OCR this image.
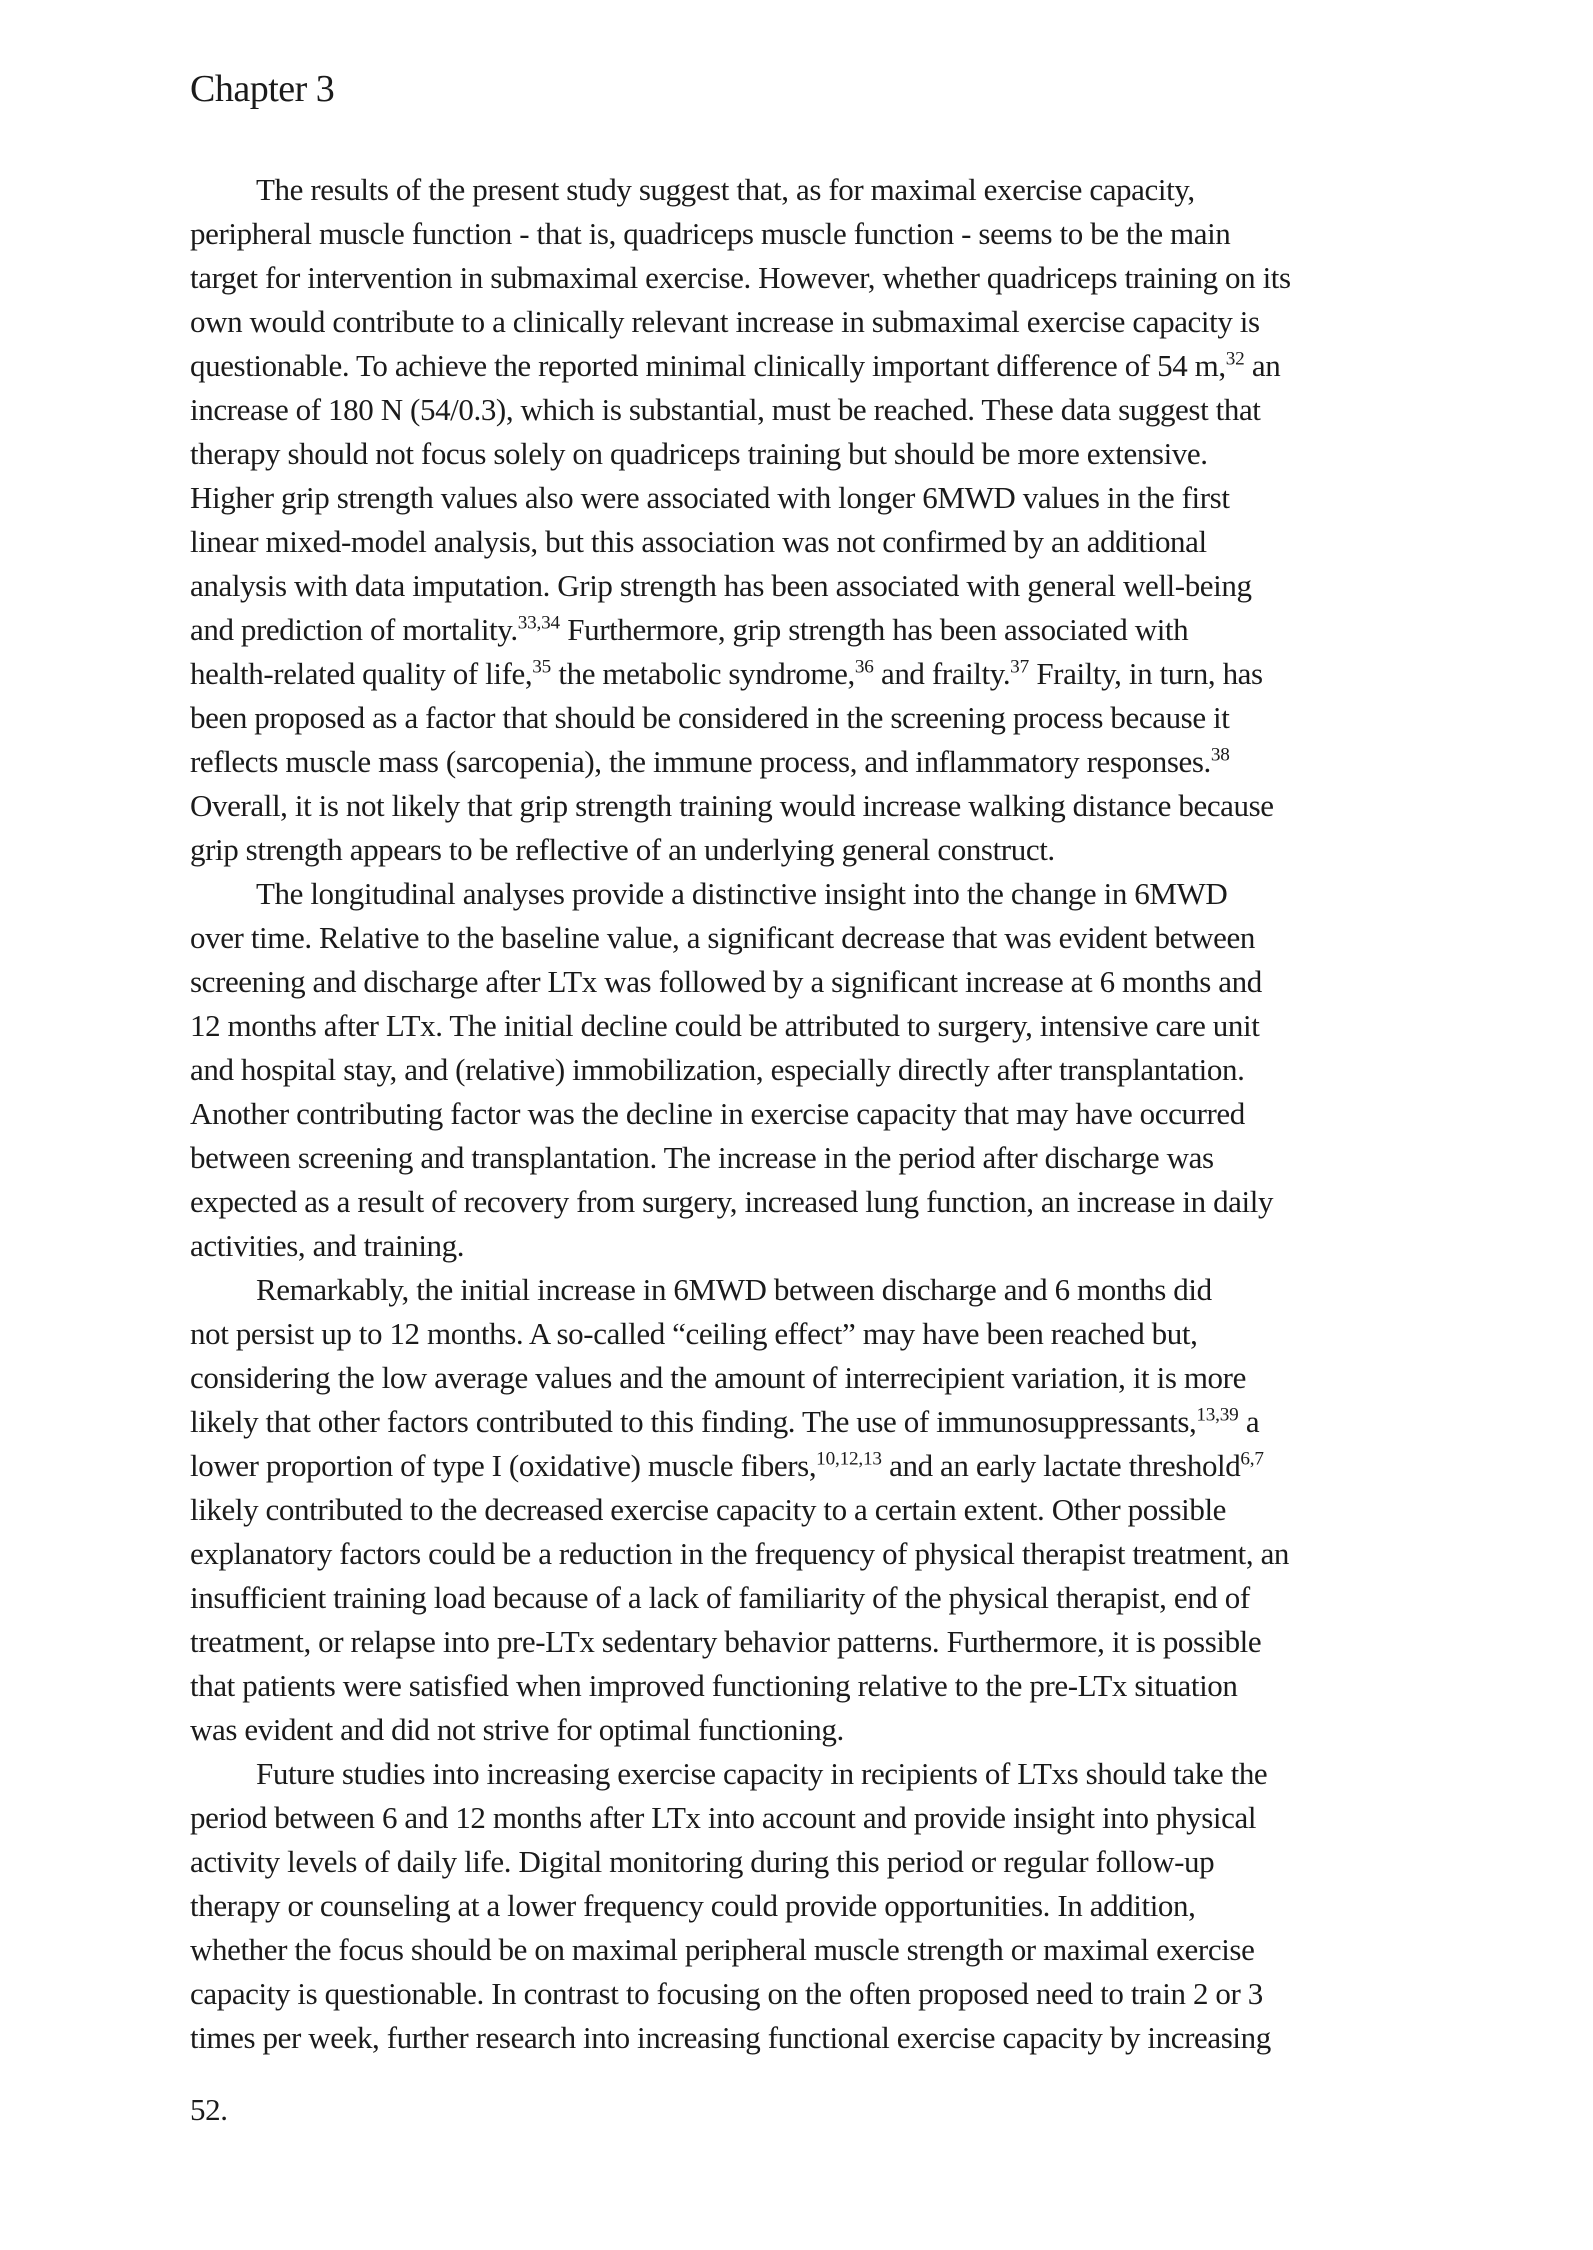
Chapter 3
The results of the present study suggest that, as for maximal exercise capacity,
peripheral muscle function - that is, quadriceps muscle function - seems to be the main
target for intervention in submaximal exercise. However, whether quadriceps training on its
own would contribute to a clinically relevant increase in submaximal exercise capacity is
questionable. To achieve the reported minimal clinically important difference of 54 m,$^{32}$ an
increase of 180 N (54/0.3), which is substantial, must be reached. These data suggest that
therapy should not focus solely on quadriceps training but should be more extensive.
Higher grip strength values also were associated with longer 6MWD values in the first
linear mixed-model analysis, but this association was not confirmed by an additional
analysis with data imputation. Grip strength has been associated with general well-being
and prediction of mortality.$^{33,34}$ Furthermore, grip strength has been associated with
health-related quality of life,$^{35}$ the metabolic syndrome,$^{36}$ and frailty.$^{37}$ Frailty, in turn, has
been proposed as a factor that should be considered in the screening process because it
reflects muscle mass (sarcopenia), the immune process, and inflammatory responses.$^{38}$
Overall, it is not likely that grip strength training would increase walking distance because
grip strength appears to be reflective of an underlying general construct.
The longitudinal analyses provide a distinctive insight into the change in 6MWD
over time. Relative to the baseline value, a significant decrease that was evident between
screening and discharge after LTx was followed by a significant increase at 6 months and
12 months after LTx. The initial decline could be attributed to surgery, intensive care unit
and hospital stay, and (relative) immobilization, especially directly after transplantation.
Another contributing factor was the decline in exercise capacity that may have occurred
between screening and transplantation. The increase in the period after discharge was
expected as a result of recovery from surgery, increased lung function, an increase in daily
activities, and training.
Remarkably, the initial increase in 6MWD between discharge and 6 months did
not persist up to 12 months. A so-called “ceiling effect” may have been reached but,
considering the low average values and the amount of interrecipient variation, it is more
likely that other factors contributed to this finding. The use of immunosuppressants,$^{13,39}$ a
lower proportion of type I (oxidative) muscle fibers,$^{10,12,13}$ and an early lactate threshold$^{6,7}$
likely contributed to the decreased exercise capacity to a certain extent. Other possible
explanatory factors could be a reduction in the frequency of physical therapist treatment, an
insufficient training load because of a lack of familiarity of the physical therapist, end of
treatment, or relapse into pre-LTx sedentary behavior patterns. Furthermore, it is possible
that patients were satisfied when improved functioning relative to the pre-LTx situation
was evident and did not strive for optimal functioning.
Future studies into increasing exercise capacity in recipients of LTxs should take the
period between 6 and 12 months after LTx into account and provide insight into physical
activity levels of daily life. Digital monitoring during this period or regular follow-up
therapy or counseling at a lower frequency could provide opportunities. In addition,
whether the focus should be on maximal peripheral muscle strength or maximal exercise
capacity is questionable. In contrast to focusing on the often proposed need to train 2 or 3
times per week, further research into increasing functional exercise capacity by increasing
52.
